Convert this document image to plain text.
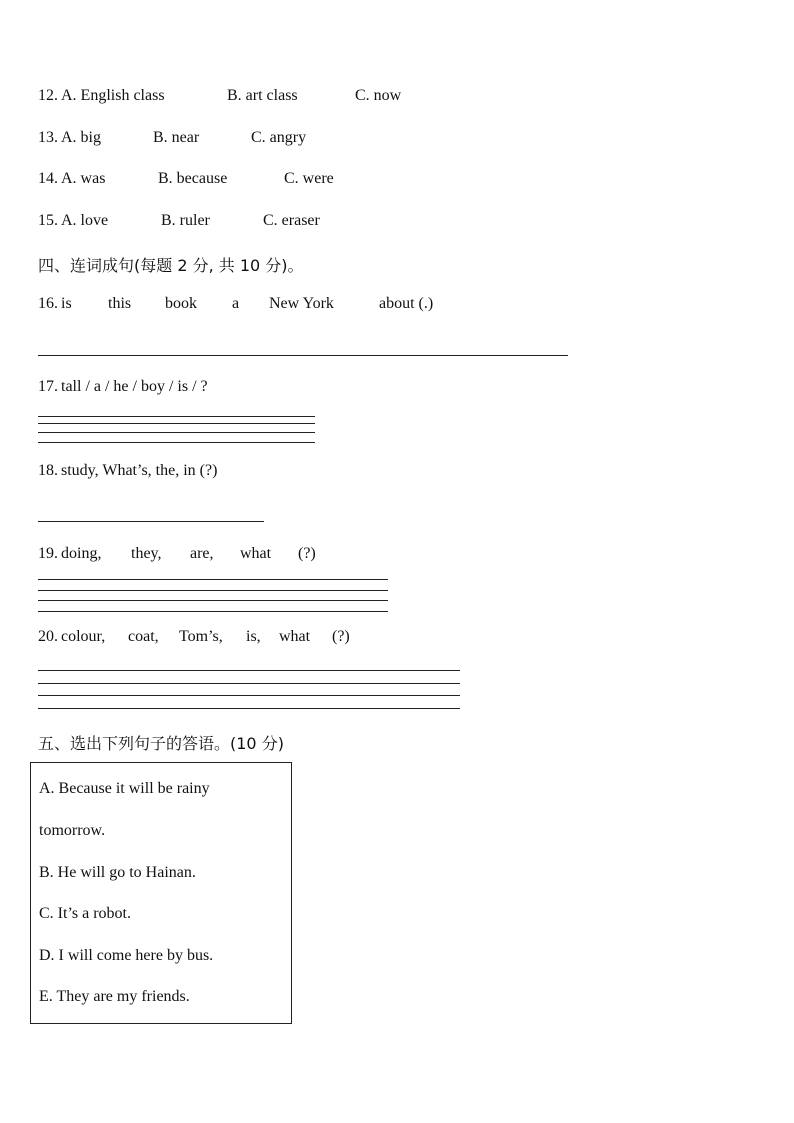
12. A. English class	B. art class	C. now
13. A. big	B. near	C. angry
14. A. was	B. because	C. were
15. A. love	B. ruler	C. eraser
四、连词成句(每题 2 分, 共 10 分)。
16. is this book a New York	about (.)
17. tall / a / he / boy / is / ?
18. study, What’s, the, in (?)
19. doing, they, are, what (?)
20. colour, coat, Tom’s, is, what (?)
五、选出下列句子的答语。(10 分)
A. Because it will be rainy
tomorrow.
B. He will go to Hainan.
C. It’s a robot.
D. I will come here by bus.
E. They are my friends.
